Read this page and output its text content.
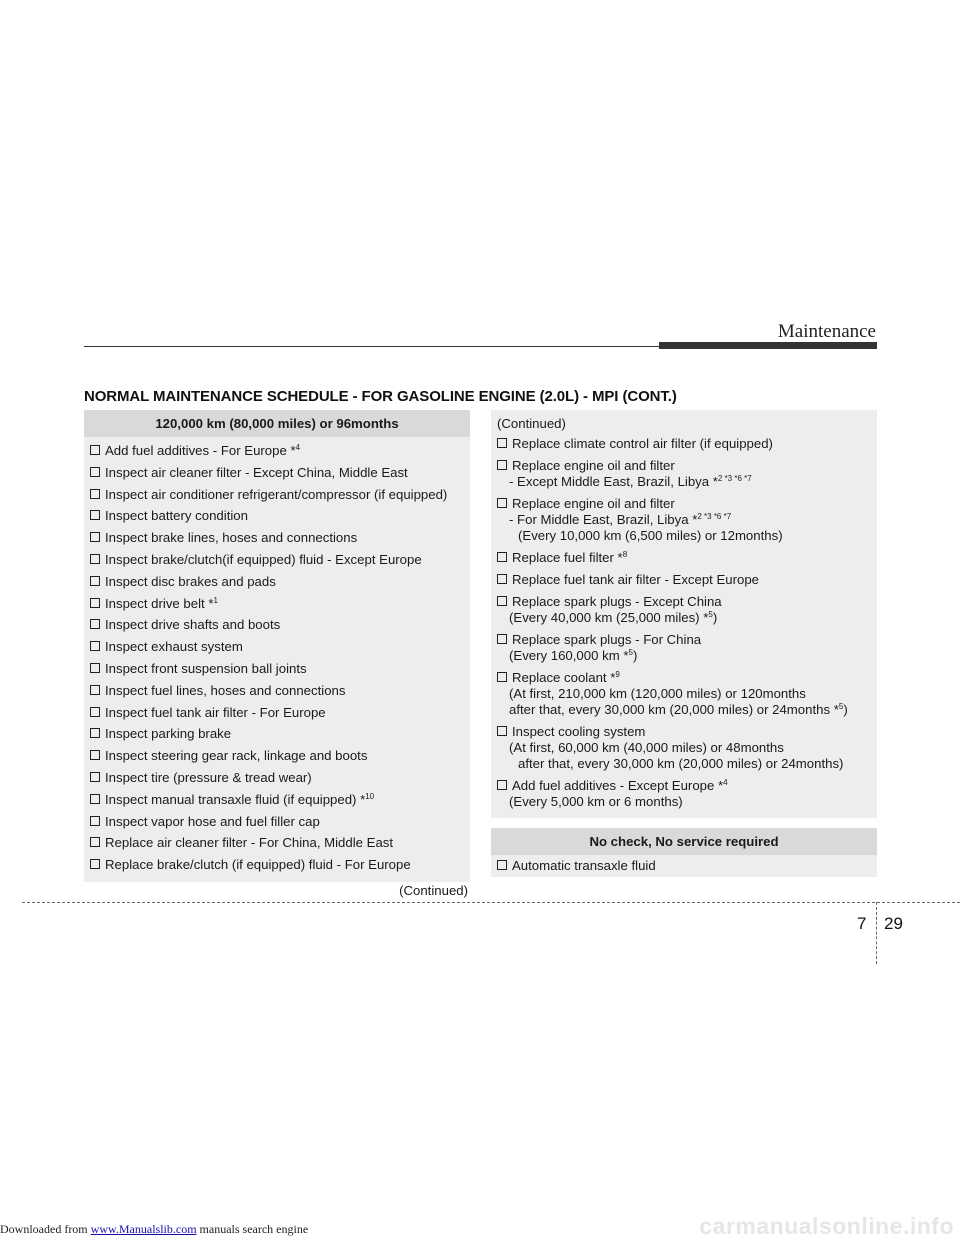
Maintenance
NORMAL MAINTENANCE SCHEDULE - FOR GASOLINE ENGINE (2.0L) - MPI (CONT.)
120,000 km (80,000 miles) or 96months
Add fuel additives - For Europe *$^4$
Inspect air cleaner filter - Except China, Middle East
Inspect air conditioner refrigerant/compressor (if equipped)
Inspect battery condition
Inspect brake lines, hoses and connections
Inspect brake/clutch(if equipped) fluid - Except Europe
Inspect disc brakes and pads
Inspect drive belt *$^1$
Inspect drive shafts and boots
Inspect exhaust system
Inspect front suspension ball joints
Inspect fuel lines, hoses and connections
Inspect fuel tank air filter - For Europe
Inspect parking brake
Inspect steering gear rack, linkage and boots
Inspect tire (pressure & tread wear)
Inspect manual transaxle fluid (if equipped) *$^{10}$
Inspect vapor hose and fuel filler cap
Replace air cleaner filter - For China, Middle East
Replace brake/clutch (if equipped) fluid - For Europe
(Continued)
(Continued)
Replace climate control air filter (if equipped)
Replace engine oil and filter
- Except Middle East, Brazil, Libya *$^{2 *3 *6 *7}$
Replace engine oil and filter
- For Middle East, Brazil, Libya *$^{2 *3 *6 *7}$
(Every 10,000 km (6,500 miles) or 12months)
Replace fuel filter *$^8$
Replace fuel tank air filter - Except Europe
Replace spark plugs - Except China
(Every 40,000 km (25,000 miles) *$^5$)
Replace spark plugs - For China
(Every 160,000 km *$^5$)
Replace coolant *$^9$
(At first, 210,000 km (120,000 miles) or 120months
after that, every 30,000 km (20,000 miles) or 24months *$^5$)
Inspect cooling system
(At first, 60,000 km (40,000 miles) or 48months
after that, every 30,000 km (20,000 miles) or 24months)
Add fuel additives - Except Europe *$^4$
(Every 5,000 km or 6 months)
No check, No service required
Automatic transaxle fluid
7 29
Downloaded from www.Manualslib.com manuals search engine	carmanualsonline.info
